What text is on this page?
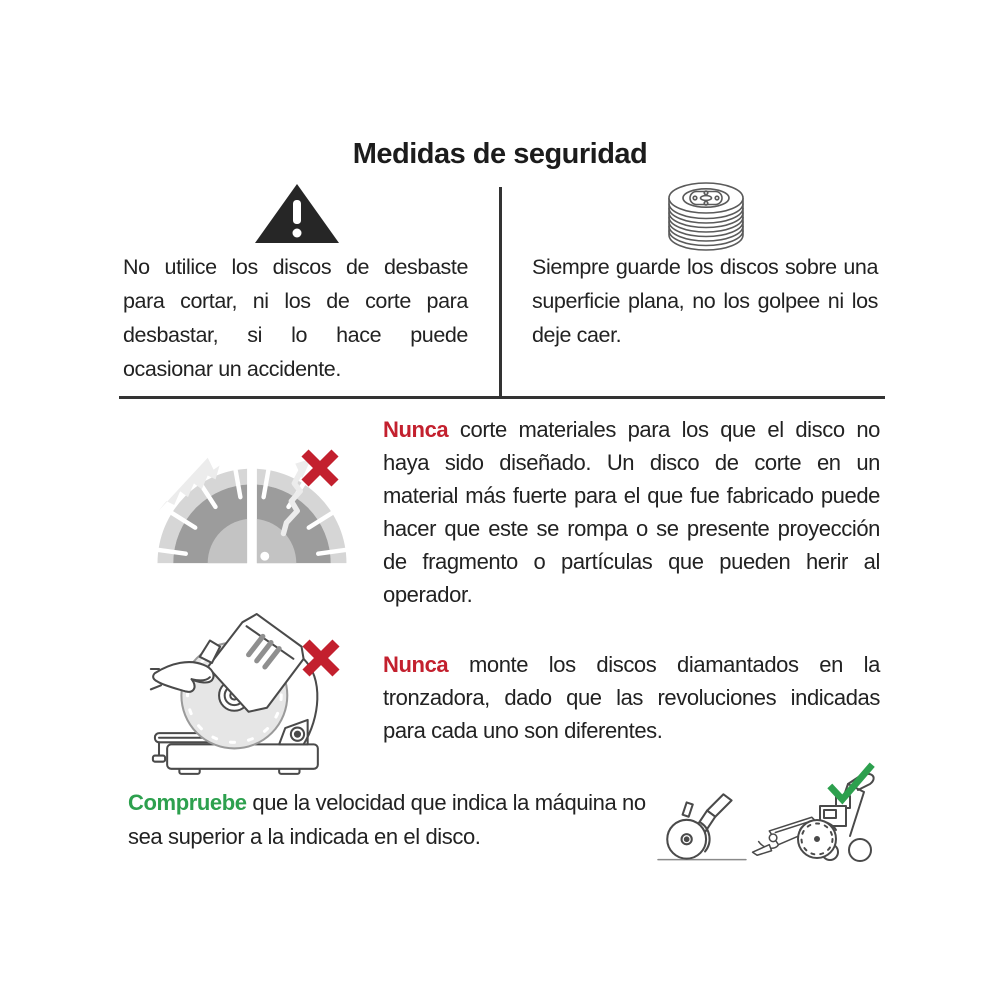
Medidas de seguridad
No utilice los discos de desbaste para cortar, ni los de corte para desbastar, si lo hace puede ocasionar un accidente.
Siempre guarde los discos sobre una superficie plana, no los golpee ni los deje caer.
Nunca corte materiales para los que el disco no haya sido diseñado. Un disco de corte en un material más fuerte para el que fue fabricado puede hacer que este se rompa o se presente proyección de fragmento o partículas que pueden herir al operador.
Nunca monte los discos diamantados en la tronzadora, dado que las revoluciones indicadas para cada uno son diferentes.
Compruebe que la velocidad que indica la máquina no sea superior a la indicada en el disco.
